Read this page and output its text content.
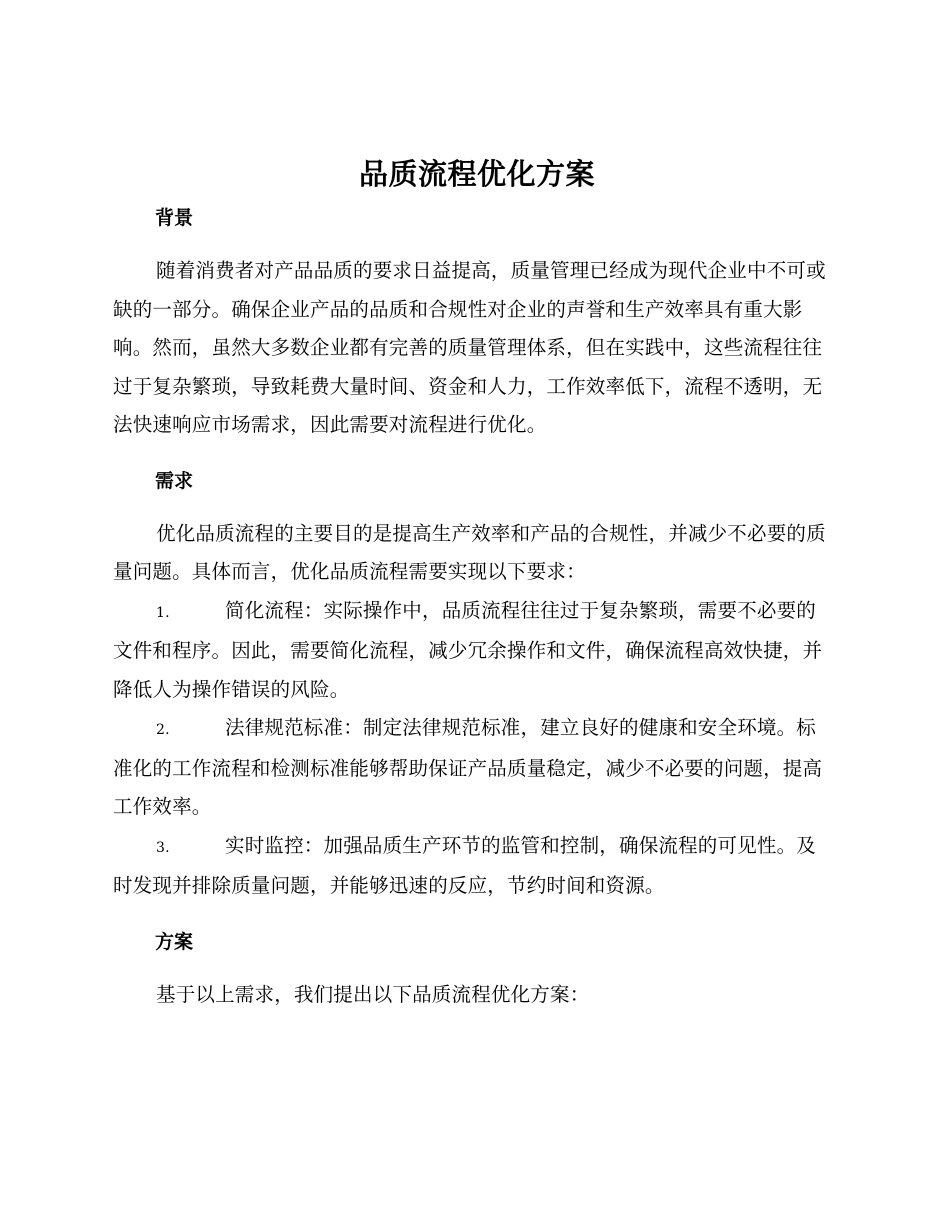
品质流程优化方案
背景

随着消费者对产品品质的要求日益提高，质量管理已经成为现代企业中不可或缺的一部分。确保企业产品的品质和合规性对企业的声誉和生产效率具有重大影响。然而，虽然大多数企业都有完善的质量管理体系，但在实践中，这些流程往往过于复杂繁琐，导致耗费大量时间、资金和人力，工作效率低下，流程不透明，无法快速响应市场需求，因此需要对流程进行优化。

需求

优化品质流程的主要目的是提高生产效率和产品的合规性，并减少不必要的质量问题。具体而言，优化品质流程需要实现以下要求：

1.	简化流程：实际操作中，品质流程往往过于复杂繁琐，需要不必要的文件和程序。因此，需要简化流程，减少冗余操作和文件，确保流程高效快捷，并降低人为操作错误的风险。

2.	法律规范标准：制定法律规范标准，建立良好的健康和安全环境。标准化的工作流程和检测标准能够帮助保证产品质量稳定，减少不必要的问题，提高工作效率。

3.	实时监控：加强品质生产环节的监管和控制，确保流程的可见性。及时发现并排除质量问题，并能够迅速的反应，节约时间和资源。

方案

基于以上需求，我们提出以下品质流程优化方案：
